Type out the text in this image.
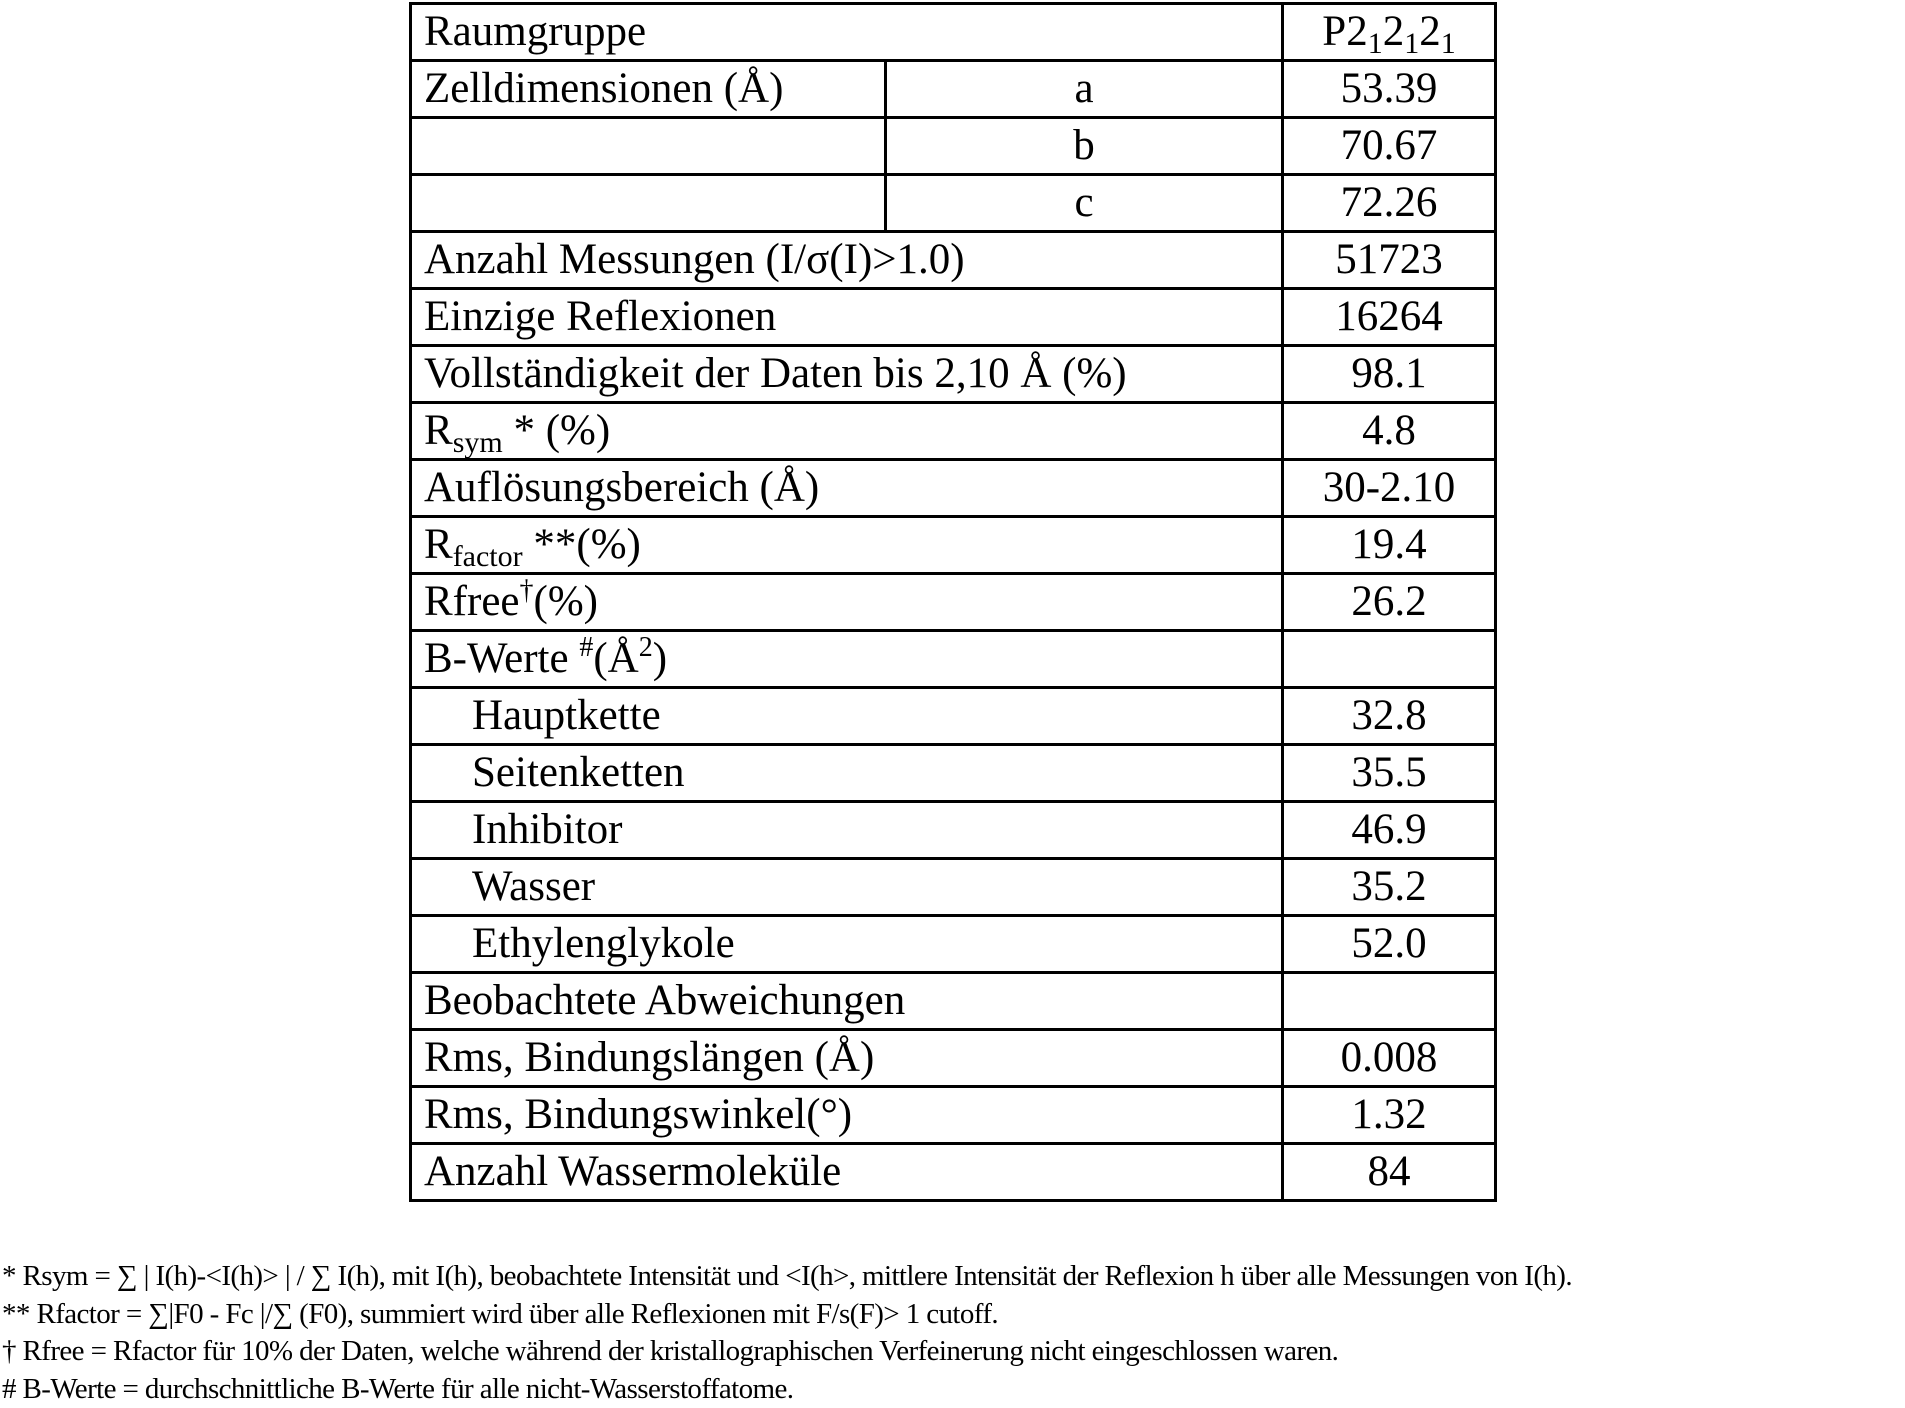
Raumgruppe	P212121
Zelldimensionen (Å)	a	53.39
	b	70.67
	c	72.26
Anzahl Messungen (I/σ(I)>1.0)	51723
Einzige Reflexionen	16264
Vollständigkeit der Daten bis 2,10 Å (%)	98.1
Rsym * (%)	4.8
Auflösungsbereich (Å)	30-2.10
Rfactor **(%)	19.4
Rfree†(%)	26.2
B-Werte #(Å2)	
Hauptkette	32.8
Seitenketten	35.5
Inhibitor	46.9
Wasser	35.2
Ethylenglykole	52.0
Beobachtete Abweichungen	
Rms, Bindungslängen (Å)	0.008
Rms, Bindungswinkel(°)	1.32
Anzahl Wassermoleküle	84
* Rsym = ∑ | I(h)-<I(h)> | / ∑ I(h), mit I(h), beobachtete Intensität und <I(h>, mittlere Intensität der Reflexion h über alle Messungen von I(h).
** Rfactor = ∑|F0 - Fc |/∑ (F0), summiert wird über alle Reflexionen mit F/s(F)> 1 cutoff.
† Rfree = Rfactor für 10% der Daten, welche während der kristallographischen Verfeinerung nicht eingeschlossen waren.
# B-Werte = durchschnittliche B-Werte für alle nicht-Wasserstoffatome.
